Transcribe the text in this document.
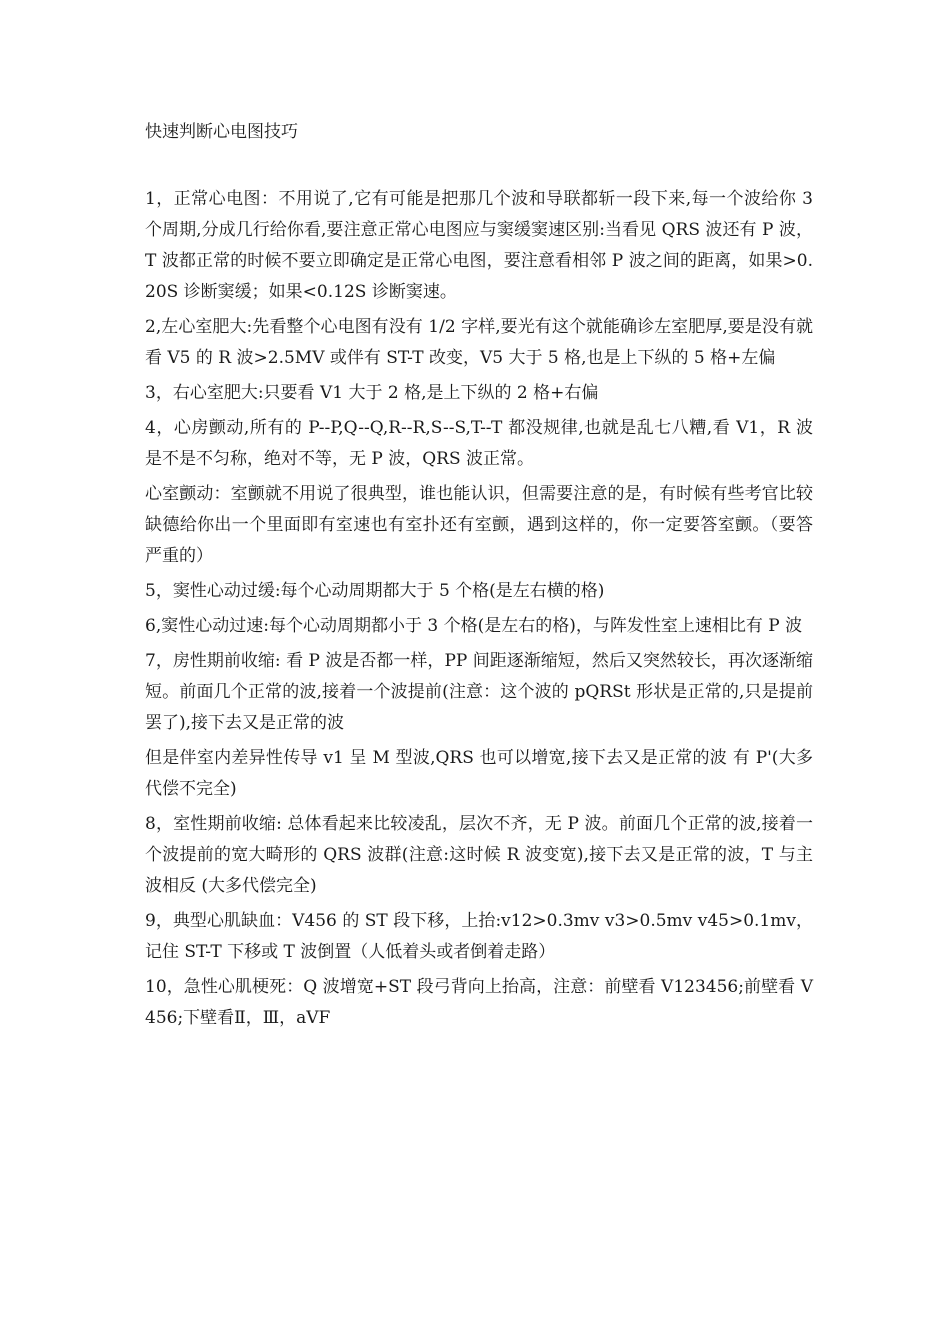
快速判断心电图技巧

1，正常心电图：不用说了,它有可能是把那几个波和导联都斩一段下来,每一个波给你 3 个周期,分成几行给你看,要注意正常心电图应与窦缓窦速区别:当看见 QRS 波还有 P 波，T 波都正常的时候不要立即确定是正常心电图，要注意看相邻 P 波之间的距离，如果>0.20S 诊断窦缓；如果<0.12S 诊断窦速。

2,左心室肥大:先看整个心电图有没有 1/2 字样,要光有这个就能确诊左室肥厚,要是没有就看 V5 的 R 波>2.5MV 或伴有 ST-T 改变，V5 大于 5 格,也是上下纵的 5 格+左偏

3，右心室肥大:只要看 V1 大于 2 格,是上下纵的 2 格+右偏

4，心房颤动,所有的 P--P,Q--Q,R--R,S--S,T--T 都没规律,也就是乱七八糟,看 V1，R 波是不是不匀称，绝对不等，无 P 波，QRS 波正常。

心室颤动：室颤就不用说了很典型，谁也能认识，但需要注意的是，有时候有些考官比较缺德给你出一个里面即有室速也有室扑还有室颤，遇到这样的，你一定要答室颤。（要答严重的）

5，窦性心动过缓:每个心动周期都大于 5 个格(是左右横的格)

6,窦性心动过速:每个心动周期都小于 3 个格(是左右的格)，与阵发性室上速相比有 P 波

7，房性期前收缩: 看 P 波是否都一样，PP 间距逐渐缩短，然后又突然较长，再次逐渐缩短。前面几个正常的波,接着一个波提前(注意：这个波的 pQRSt 形状是正常的,只是提前罢了),接下去又是正常的波

但是伴室内差异性传导 v1 呈 M 型波,QRS 也可以增宽,接下去又是正常的波 有 P'(大多代偿不完全)

8，室性期前收缩: 总体看起来比较凌乱，层次不齐，无 P 波。前面几个正常的波,接着一个波提前的宽大畸形的 QRS 波群(注意:这时候 R 波变宽),接下去又是正常的波，T 与主波相反 (大多代偿完全)

9，典型心肌缺血：V456 的 ST 段下移，上抬:v12>0.3mv v3>0.5mv v45>0.1mv，记住 ST-T 下移或 T 波倒置（人低着头或者倒着走路）

10，急性心肌梗死：Q 波增宽+ST 段弓背向上抬高，注意：前壁看 V123456;前壁看 V456;下壁看Ⅱ，Ⅲ，aVF
